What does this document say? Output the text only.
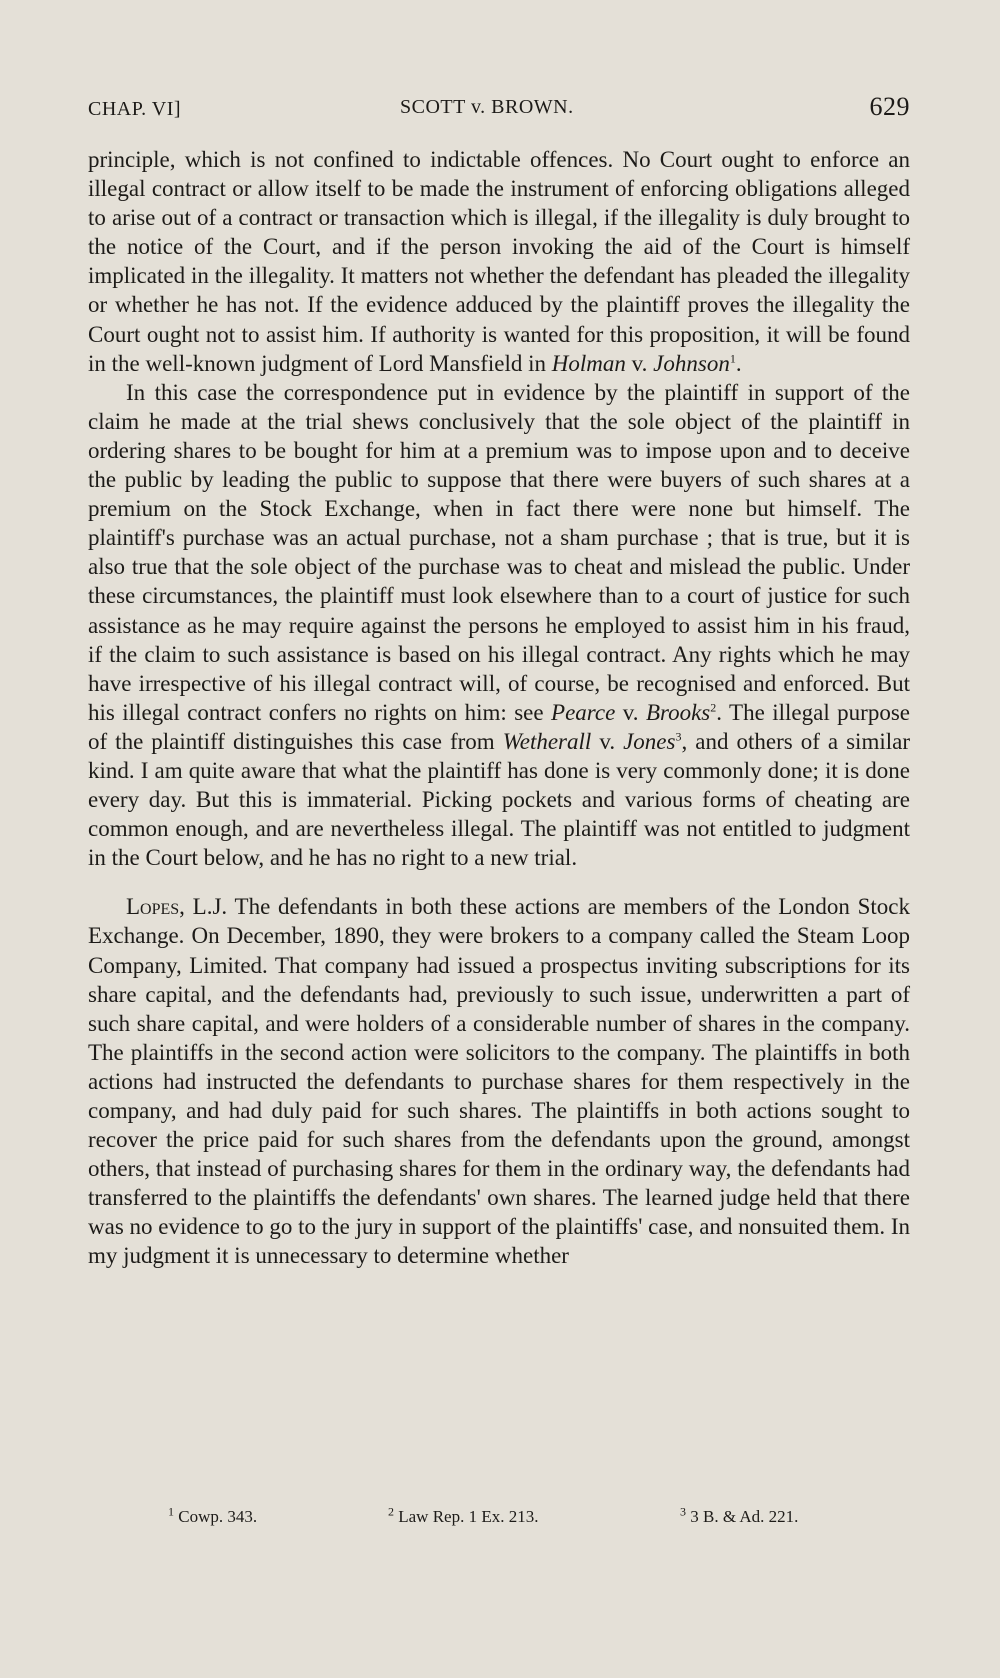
CHAP. VI]	SCOTT v. BROWN.	629

principle, which is not confined to indictable offences. No Court ought to enforce an illegal contract or allow itself to be made the instrument of enforcing obligations alleged to arise out of a contract or transaction which is illegal, if the illegality is duly brought to the notice of the Court, and if the person invoking the aid of the Court is himself implicated in the illegality. It matters not whether the defendant has pleaded the illegality or whether he has not. If the evidence adduced by the plaintiff proves the illegality the Court ought not to assist him. If authority is wanted for this proposition, it will be found in the well-known judgment of Lord Mansfield in Holman v. Johnson$^1$.

In this case the correspondence put in evidence by the plaintiff in support of the claim he made at the trial shews conclusively that the sole object of the plaintiff in ordering shares to be bought for him at a premium was to impose upon and to deceive the public by leading the public to suppose that there were buyers of such shares at a premium on the Stock Exchange, when in fact there were none but himself. The plaintiff's purchase was an actual purchase, not a sham purchase ; that is true, but it is also true that the sole object of the purchase was to cheat and mislead the public. Under these circumstances, the plaintiff must look elsewhere than to a court of justice for such assistance as he may require against the persons he employed to assist him in his fraud, if the claim to such assistance is based on his illegal contract. Any rights which he may have irrespective of his illegal contract will, of course, be recognised and enforced. But his illegal contract confers no rights on him: see Pearce v. Brooks$^2$. The illegal purpose of the plaintiff distinguishes this case from Wetherall v. Jones$^3$, and others of a similar kind. I am quite aware that what the plaintiff has done is very commonly done; it is done every day. But this is immaterial. Picking pockets and various forms of cheating are common enough, and are nevertheless illegal. The plaintiff was not entitled to judgment in the Court below, and he has no right to a new trial.

Lopes, L.J. The defendants in both these actions are members of the London Stock Exchange. On December, 1890, they were brokers to a company called the Steam Loop Company, Limited. That company had issued a prospectus inviting subscriptions for its share capital, and the defendants had, previously to such issue, underwritten a part of such share capital, and were holders of a considerable number of shares in the company. The plaintiffs in the second action were solicitors to the company. The plaintiffs in both actions had instructed the defendants to purchase shares for them respectively in the company, and had duly paid for such shares. The plaintiffs in both actions sought to recover the price paid for such shares from the defendants upon the ground, amongst others, that instead of purchasing shares for them in the ordinary way, the defendants had transferred to the plaintiffs the defendants' own shares. The learned judge held that there was no evidence to go to the jury in support of the plaintiffs' case, and nonsuited them. In my judgment it is unnecessary to determine whether

$^1$ Cowp. 343.	$^2$ Law Rep. 1 Ex. 213.	$^3$ 3 B. & Ad. 221.
